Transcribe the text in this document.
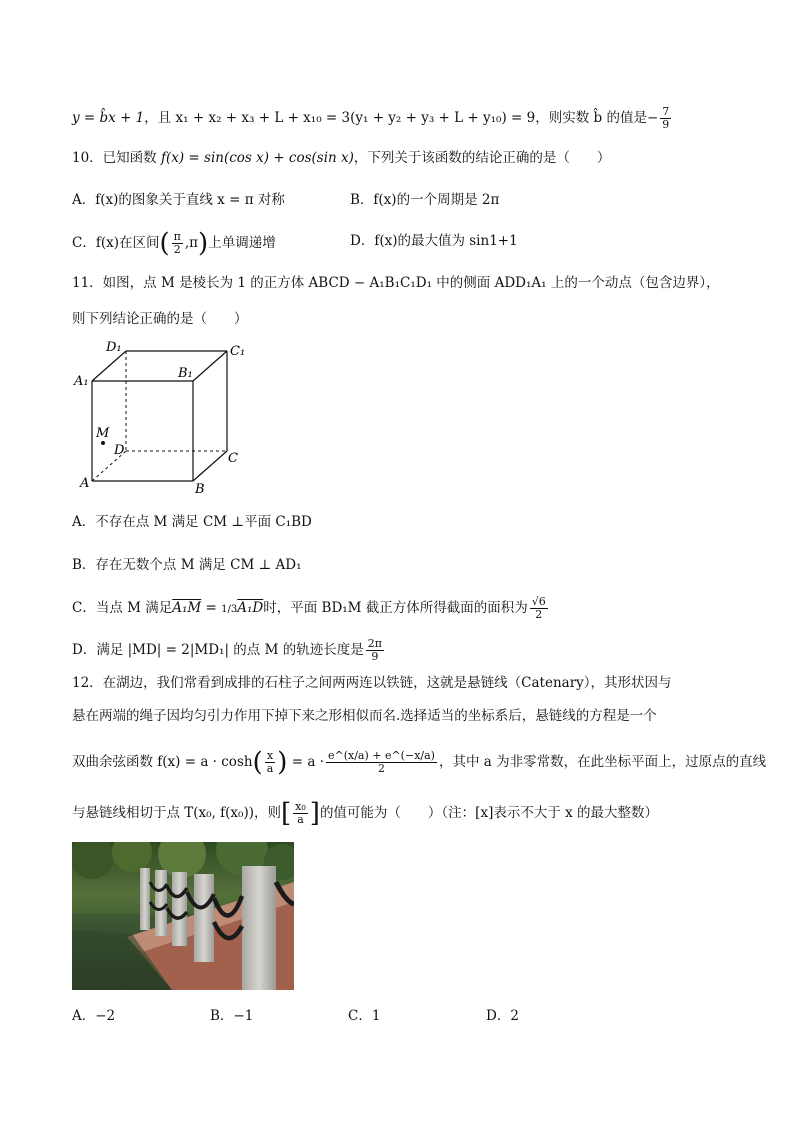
y = b̂x + 1，且 x₁ + x₂ + x₃ + L + x₁₀ = 3(y₁ + y₂ + y₃ + L + y₁₀) = 9，则实数 b̂ 的值是− $\frac{7}{9}$
10．已知函数 f(x) = sin(cos x) + cos(sin x)，下列关于该函数的结论正确的是（　　）
A．f(x)的图象关于直线 x = π 对称	B．f(x)的一个周期是 2π
C．f(x)在区间( $\frac{\pi}{2} ,\pi$)上单调递增	D．f(x)的最大值为 sin1+1
11．如图，点 M 是棱长为 1 的正方体 ABCD − A₁B₁C₁D₁ 中的侧面 ADD₁A₁ 上的一个动点（包含边界），
则下列结论正确的是（　　）
D₁	C₁
A₁
B₁
M
D
C
A	B
A．不存在点 M 满足 CM ⊥平面 C₁BD
B．存在无数个点 M 满足 CM ⊥ AD₁
C．当点 M 满足A₁M = 1/3A₁D时，平面 BD₁M 截正方体所得截面的面积为 $\frac{√6}{2}$
D．满足 |MD| = 2|MD₁| 的点 M 的轨迹长度是 $\frac{2\pi}{9}$
12．在湖边，我们常看到成排的石柱子之间两两连以铁链，这就是悬链线（Catenary），其形状因与
悬在两端的绳子因均匀引力作用下掉下来之形相似而名.选择适当的坐标系后，悬链线的方程是一个
双曲余弦函数 $f(x) = a \cdot \cosh( \frac{x}{a}$ ) = $a \cdot \frac{e\^{}(x/a) + e\^{}(-x/a)}{2}$ ，其中 a 为非零常数，在此坐标平面上，过原点的直线
与悬链线相切于点 T(x₀, f(x₀))，则[ $\frac{\text{x₀}}{a}$ ]的值可能为（　　）（注：[x]表示不大于 x 的最大整数）
A．−2	B．−1	C．1	D．2
